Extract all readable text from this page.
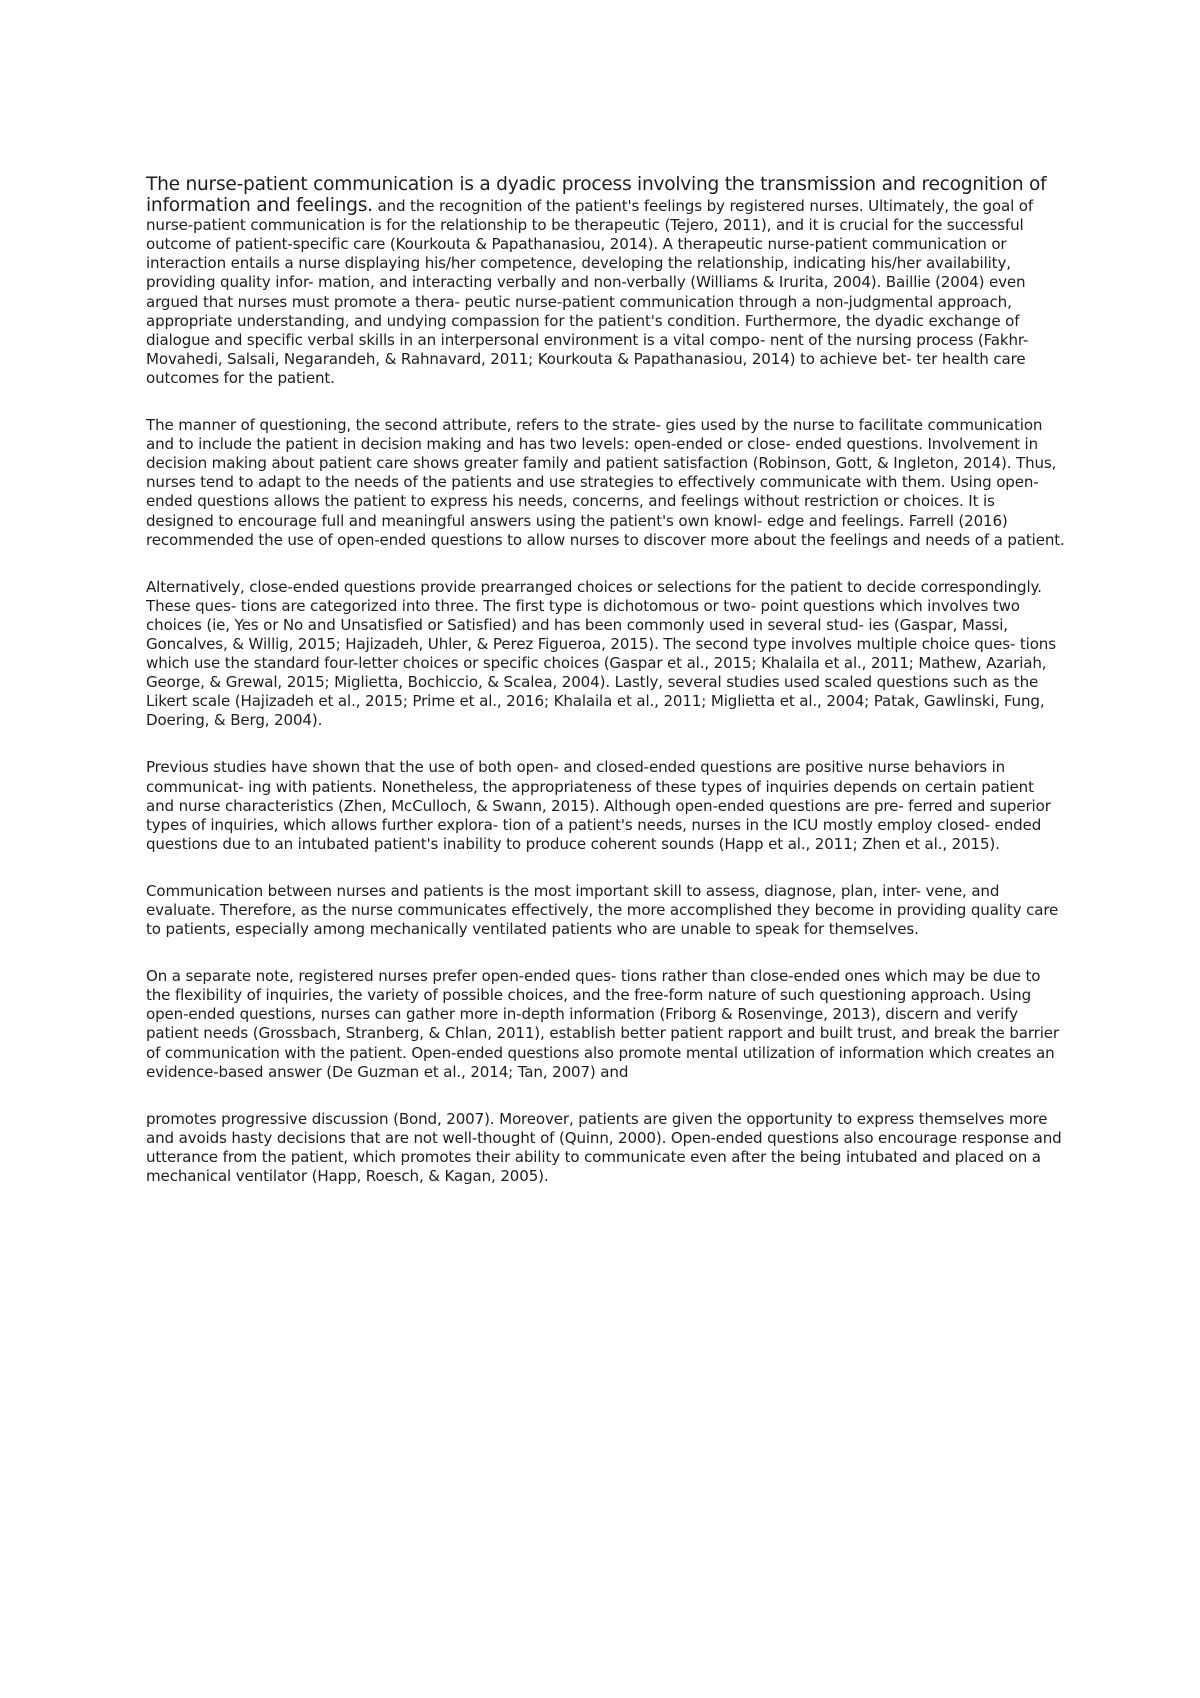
The nurse-patient communication is a dyadic process involving the transmission and recognition of information and feelings. and the recognition of the patient's feelings by registered nurses. Ultimately, the goal of nurse-patient communication is for the relationship to be therapeutic (Tejero, 2011), and it is crucial for the successful outcome of patient-specific care (Kourkouta & Papathanasiou, 2014). A therapeutic nurse-patient communication or interaction entails a nurse displaying his/her competence, developing the relationship, indicating his/her availability, providing quality infor- mation, and interacting verbally and non-verbally (Williams & Irurita, 2004). Baillie (2004) even argued that nurses must promote a thera- peutic nurse-patient communication through a non-judgmental approach, appropriate understanding, and undying compassion for the patient's condition. Furthermore, the dyadic exchange of dialogue and specific verbal skills in an interpersonal environment is a vital compo- nent of the nursing process (Fakhr-Movahedi, Salsali, Negarandeh, & Rahnavard, 2011; Kourkouta & Papathanasiou, 2014) to achieve bet- ter health care outcomes for the patient.

The manner of questioning, the second attribute, refers to the strate- gies used by the nurse to facilitate communication and to include the patient in decision making and has two levels: open-ended or close- ended questions. Involvement in decision making about patient care shows greater family and patient satisfaction (Robinson, Gott, & Ingleton, 2014). Thus, nurses tend to adapt to the needs of the patients and use strategies to effectively communicate with them. Using open-ended questions allows the patient to express his needs, concerns, and feelings without restriction or choices. It is designed to encourage full and meaningful answers using the patient's own knowl- edge and feelings. Farrell (2016) recommended the use of open-ended questions to allow nurses to discover more about the feelings and needs of a patient.

Alternatively, close-ended questions provide prearranged choices or selections for the patient to decide correspondingly. These ques- tions are categorized into three. The first type is dichotomous or two- point questions which involves two choices (ie, Yes or No and Unsatisfied or Satisfied) and has been commonly used in several stud- ies (Gaspar, Massi, Goncalves, & Willig, 2015; Hajizadeh, Uhler, & Perez Figueroa, 2015). The second type involves multiple choice ques- tions which use the standard four-letter choices or specific choices (Gaspar et al., 2015; Khalaila et al., 2011; Mathew, Azariah, George, & Grewal, 2015; Miglietta, Bochiccio, & Scalea, 2004). Lastly, several studies used scaled questions such as the Likert scale (Hajizadeh et al., 2015; Prime et al., 2016; Khalaila et al., 2011; Miglietta et al., 2004; Patak, Gawlinski, Fung, Doering, & Berg, 2004).

Previous studies have shown that the use of both open- and closed-ended questions are positive nurse behaviors in communicat- ing with patients. Nonetheless, the appropriateness of these types of inquiries depends on certain patient and nurse characteristics (Zhen, McCulloch, & Swann, 2015). Although open-ended questions are pre- ferred and superior types of inquiries, which allows further explora- tion of a patient's needs, nurses in the ICU mostly employ closed- ended questions due to an intubated patient's inability to produce coherent sounds (Happ et al., 2011; Zhen et al., 2015).

Communication between nurses and patients is the most important skill to assess, diagnose, plan, inter- vene, and evaluate. Therefore, as the nurse communicates effectively, the more accomplished they become in providing quality care to patients, especially among mechanically ventilated patients who are unable to speak for themselves.

On a separate note, registered nurses prefer open-ended ques- tions rather than close-ended ones which may be due to the flexibility of inquiries, the variety of possible choices, and the free-form nature of such questioning approach. Using open-ended questions, nurses can gather more in-depth information (Friborg & Rosenvinge, 2013), discern and verify patient needs (Grossbach, Stranberg, & Chlan, 2011), establish better patient rapport and built trust, and break the barrier of communication with the patient. Open-ended questions also promote mental utilization of information which creates an evidence-based answer (De Guzman et al., 2014; Tan, 2007) and

promotes progressive discussion (Bond, 2007). Moreover, patients are given the opportunity to express themselves more and avoids hasty decisions that are not well-thought of (Quinn, 2000). Open-ended questions also encourage response and utterance from the patient, which promotes their ability to communicate even after the being intubated and placed on a mechanical ventilator (Happ, Roesch, & Kagan, 2005).
